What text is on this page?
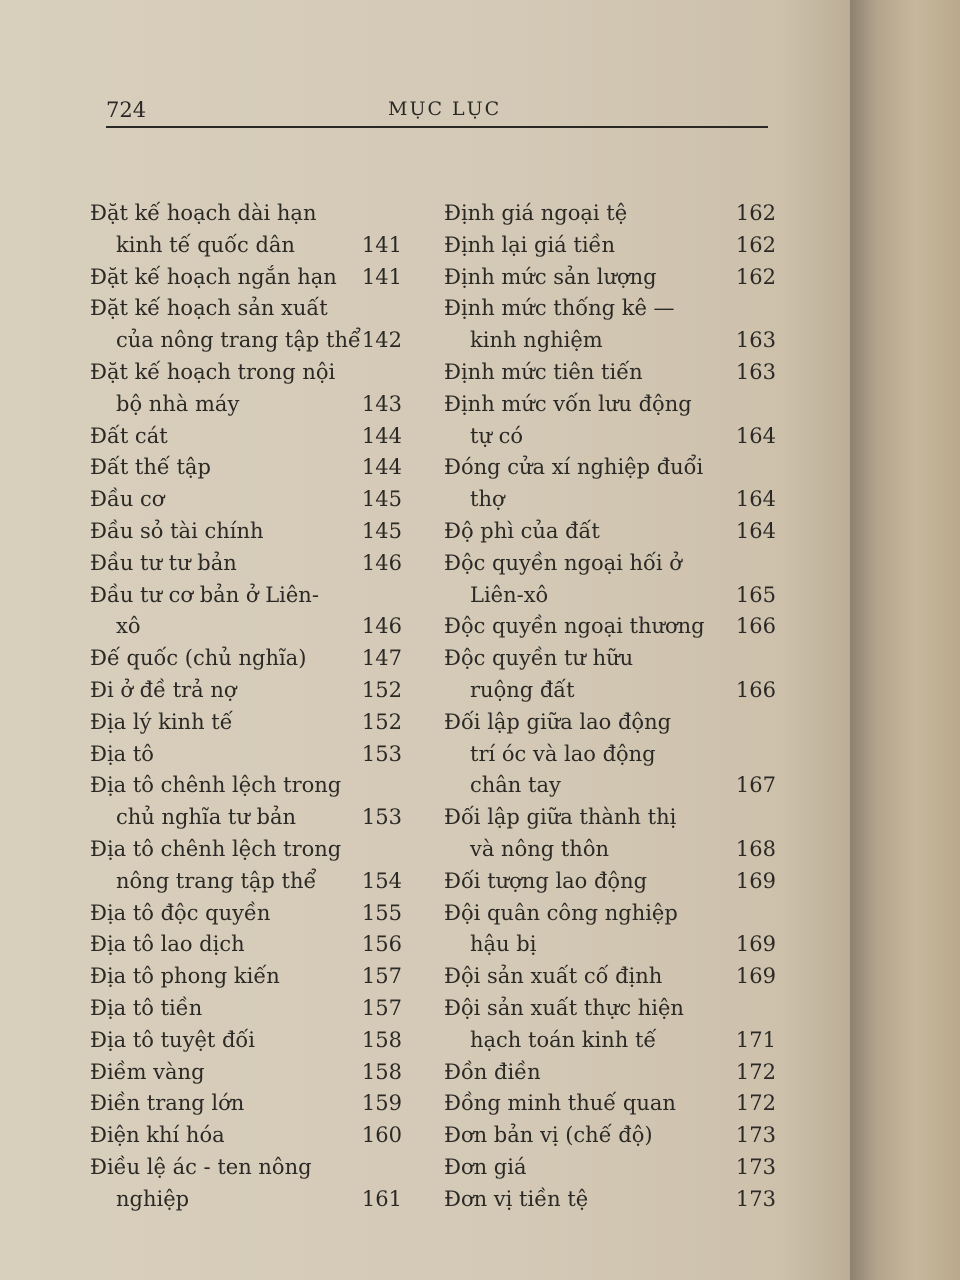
724	MỤC LỤC
Đặt kế hoạch dài hạn
kinh tế quốc dân	141
Đặt kế hoạch ngắn hạn	141
Đặt kế hoạch sản xuất
của nông trang tập thể 142
Đặt kế hoạch trong nội
bộ nhà máy	143
Đất cát	144
Đất thế tập	144
Đầu cơ	145
Đầu sỏ tài chính	145
Đầu tư tư bản	146
Đầu tư cơ bản ở Liên-
xô	146
Đế quốc (chủ nghĩa)	147
Đi ở đề trả nợ	152
Địa lý kinh tế	152
Địa tô	153
Địa tô chênh lệch trong
chủ nghĩa tư bản	153
Địa tô chênh lệch trong
nông trang tập thể	154
Địa tô độc quyền	155
Địa tô lao dịch	156
Địa tô phong kiến	157
Địa tô tiền	157
Địa tô tuyệt đối	158
Điềm vàng	158
Điền trang lớn	159
Điện khí hóa	160
Điều lệ ác - ten nông
nghiệp	161
Định giá ngoại tệ	162
Định lại giá tiền	162
Định mức sản lượng	162
Định mức thống kê —
kinh nghiệm	163
Định mức tiên tiến	163
Định mức vốn lưu động
tự có	164
Đóng cửa xí nghiệp đuổi
thợ	164
Độ phì của đất	164
Độc quyền ngoại hối ở
Liên-xô	165
Độc quyền ngoại thương	166
Độc quyền tư hữu
ruộng đất	166
Đối lập giữa lao động
trí óc và lao động
chân tay	167
Đối lập giữa thành thị
và nông thôn	168
Đối tượng lao động	169
Đội quân công nghiệp
hậu bị	169
Đội sản xuất cố định	169
Đội sản xuất thực hiện
hạch toán kinh tế	171
Đồn điền	172
Đồng minh thuế quan	172
Đơn bản vị (chế độ)	173
Đơn giá	173
Đơn vị tiền tệ	173
